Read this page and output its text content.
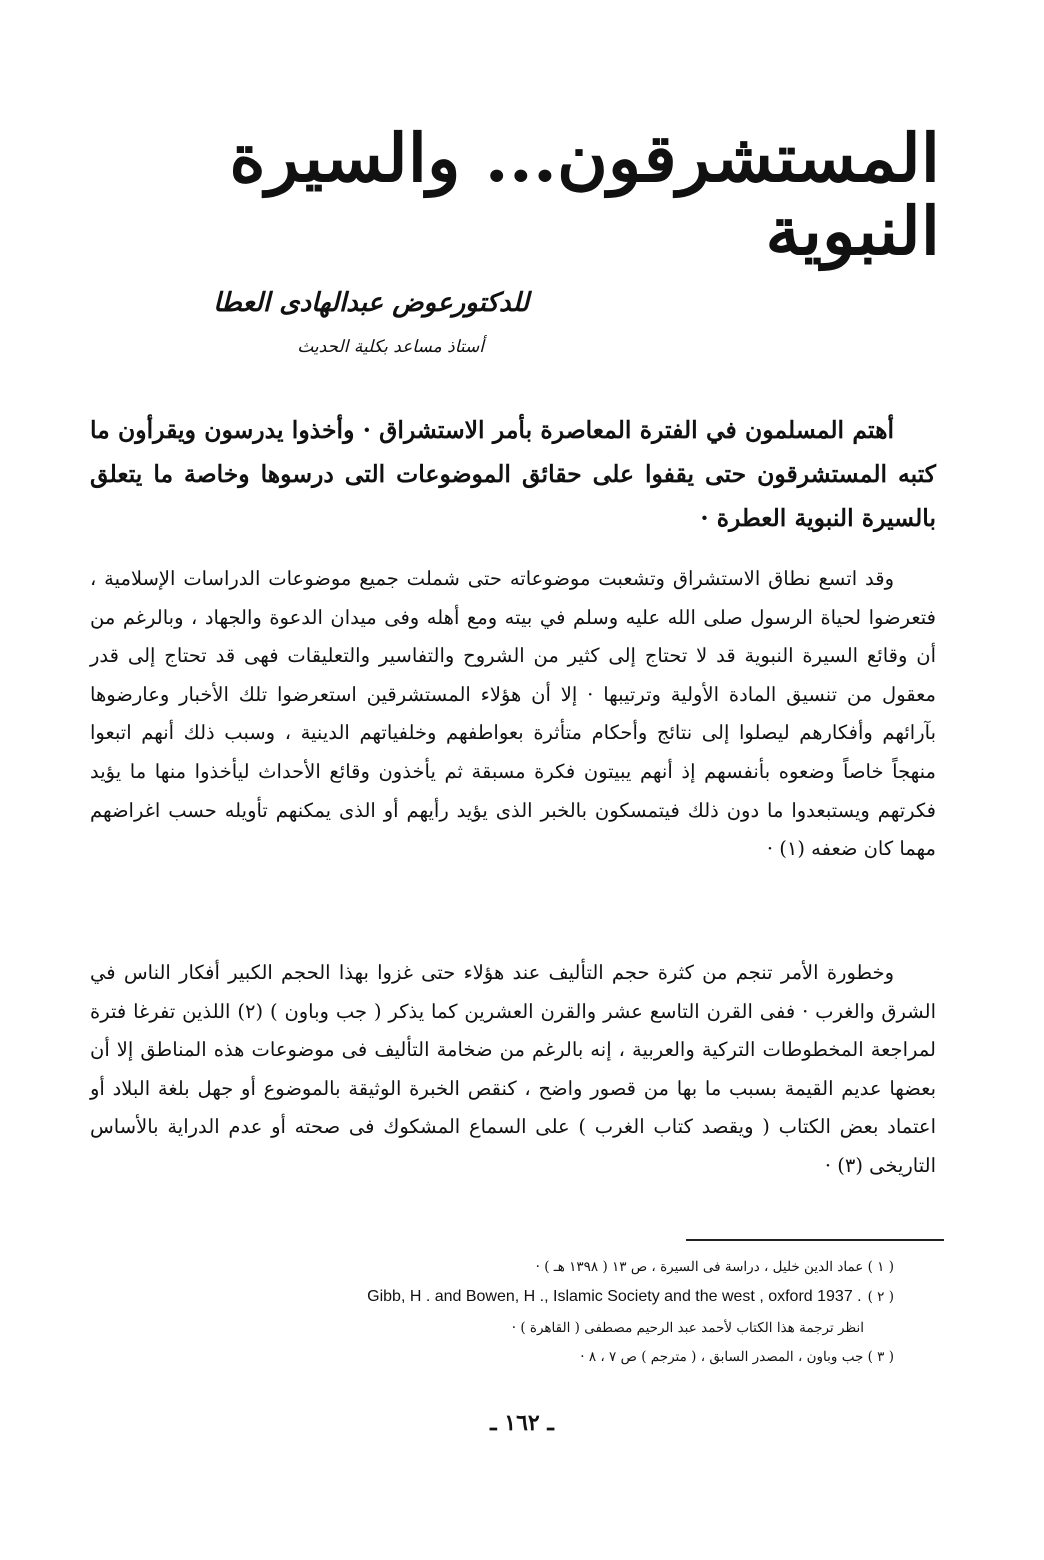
المستشرقون... والسيرة النبوية
للدكتورعوض عبدالهادى العطا
أستاذ مساعد بكلية الحديث
أهتم المسلمون في الفترة المعاصرة بأمر الاستشراق · وأخذوا يدرسون ويقرأون ما كتبه المستشرقون حتى يقفوا على حقائق الموضوعات التى درسوها وخاصة ما يتعلق بالسيرة النبوية العطرة ·
وقد اتسع نطاق الاستشراق وتشعبت موضوعاته حتى شملت جميع موضوعات الدراسات الإسلامية ، فتعرضوا لحياة الرسول صلى الله عليه وسلم في بيته ومع أهله وفى ميدان الدعوة والجهاد ، وبالرغم من أن وقائع السيرة النبوية قد لا تحتاج إلى كثير من الشروح والتفاسير والتعليقات فهى قد تحتاج إلى قدر معقول من تنسيق المادة الأولية وترتيبها · إلا أن هؤلاء المستشرقين استعرضوا تلك الأخبار وعارضوها بآرائهم وأفكارهم ليصلوا إلى نتائج وأحكام متأثرة بعواطفهم وخلفياتهم الدينية ، وسبب ذلك أنهم اتبعوا منهجاً خاصاً وضعوه بأنفسهم إذ أنهم يبيتون فكرة مسبقة ثم يأخذون وقائع الأحداث ليأخذوا منها ما يؤيد فكرتهم ويستبعدوا ما دون ذلك فيتمسكون بالخبر الذى يؤيد رأيهم أو الذى يمكنهم تأويله حسب اغراضهم مهما كان ضعفه (١) ·
وخطورة الأمر تنجم من كثرة حجم التأليف عند هؤلاء حتى غزوا بهذا الحجم الكبير أفكار الناس في الشرق والغرب · ففى القرن التاسع عشر والقرن العشرين كما يذكر ( جب وباون ) (٢) اللذين تفرغا فترة لمراجعة المخطوطات التركية والعربية ، إنه بالرغم من ضخامة التأليف فى موضوعات هذه المناطق إلا أن بعضها عديم القيمة بسبب ما بها من قصور واضح ، كنقص الخبرة الوثيقة بالموضوع أو جهل بلغة البلاد أو اعتماد بعض الكتاب ( ويقصد كتاب الغرب ) على السماع المشكوك فى صحته أو عدم الدراية بالأساس التاريخى (٣) ·
( ١ ) عماد الدين خليل ، دراسة فى السيرة ، ص ١٣ ( ١٣٩٨ هـ ) ·
Gibb, H . and Bowen, H ., Islamic Society and the west , oxford 1937 . ( ٢ )
انظر ترجمة هذا الكتاب لأحمد عبد الرحيم مصطفى ( القاهرة ) ·
( ٣ ) جب وباون ، المصدر السابق ، ( مترجم ) ص ٧ ، ٨ ·
ـ ١٦٢ ـ
